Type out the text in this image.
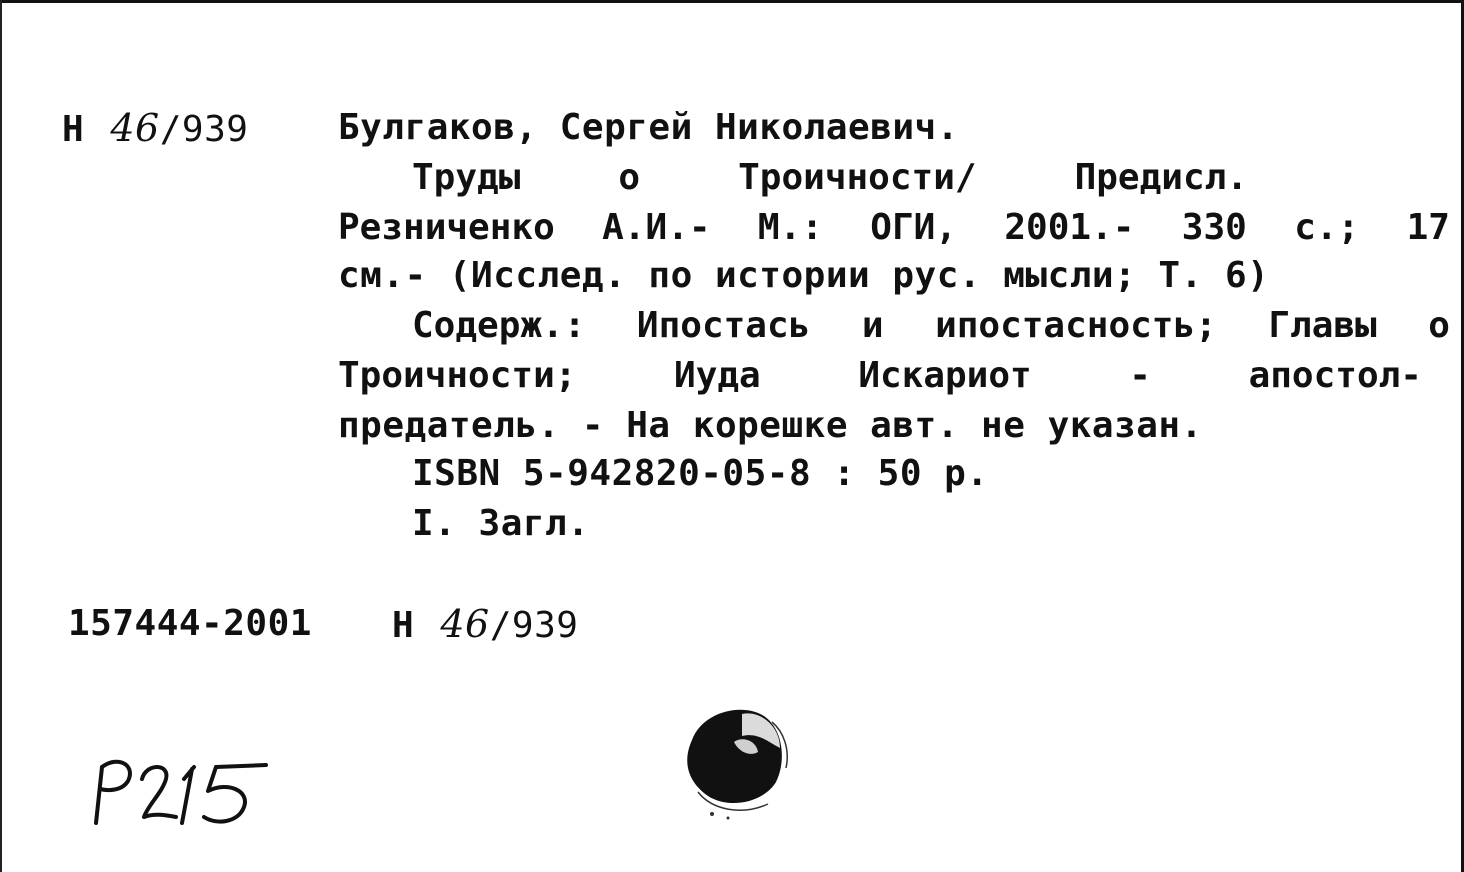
Н 46/939 Булгаков, Сергей Николаевич.
Труды	о	Троичности/	Предисл.
Резниченко А.И.- М.: ОГИ, 2001.- 330 с.; 17
см.- (Исслед. по истории рус. мысли; Т. 6)
Содерж.: Ипостась и ипостасность; Главы о
Троичности;	Иуда	Искариот	-	апостол-
предатель. - На корешке авт. не указан.
ISBN 5-942820-05-8 : 50 р.
I. Загл.
157444-2001 Н 46/939
